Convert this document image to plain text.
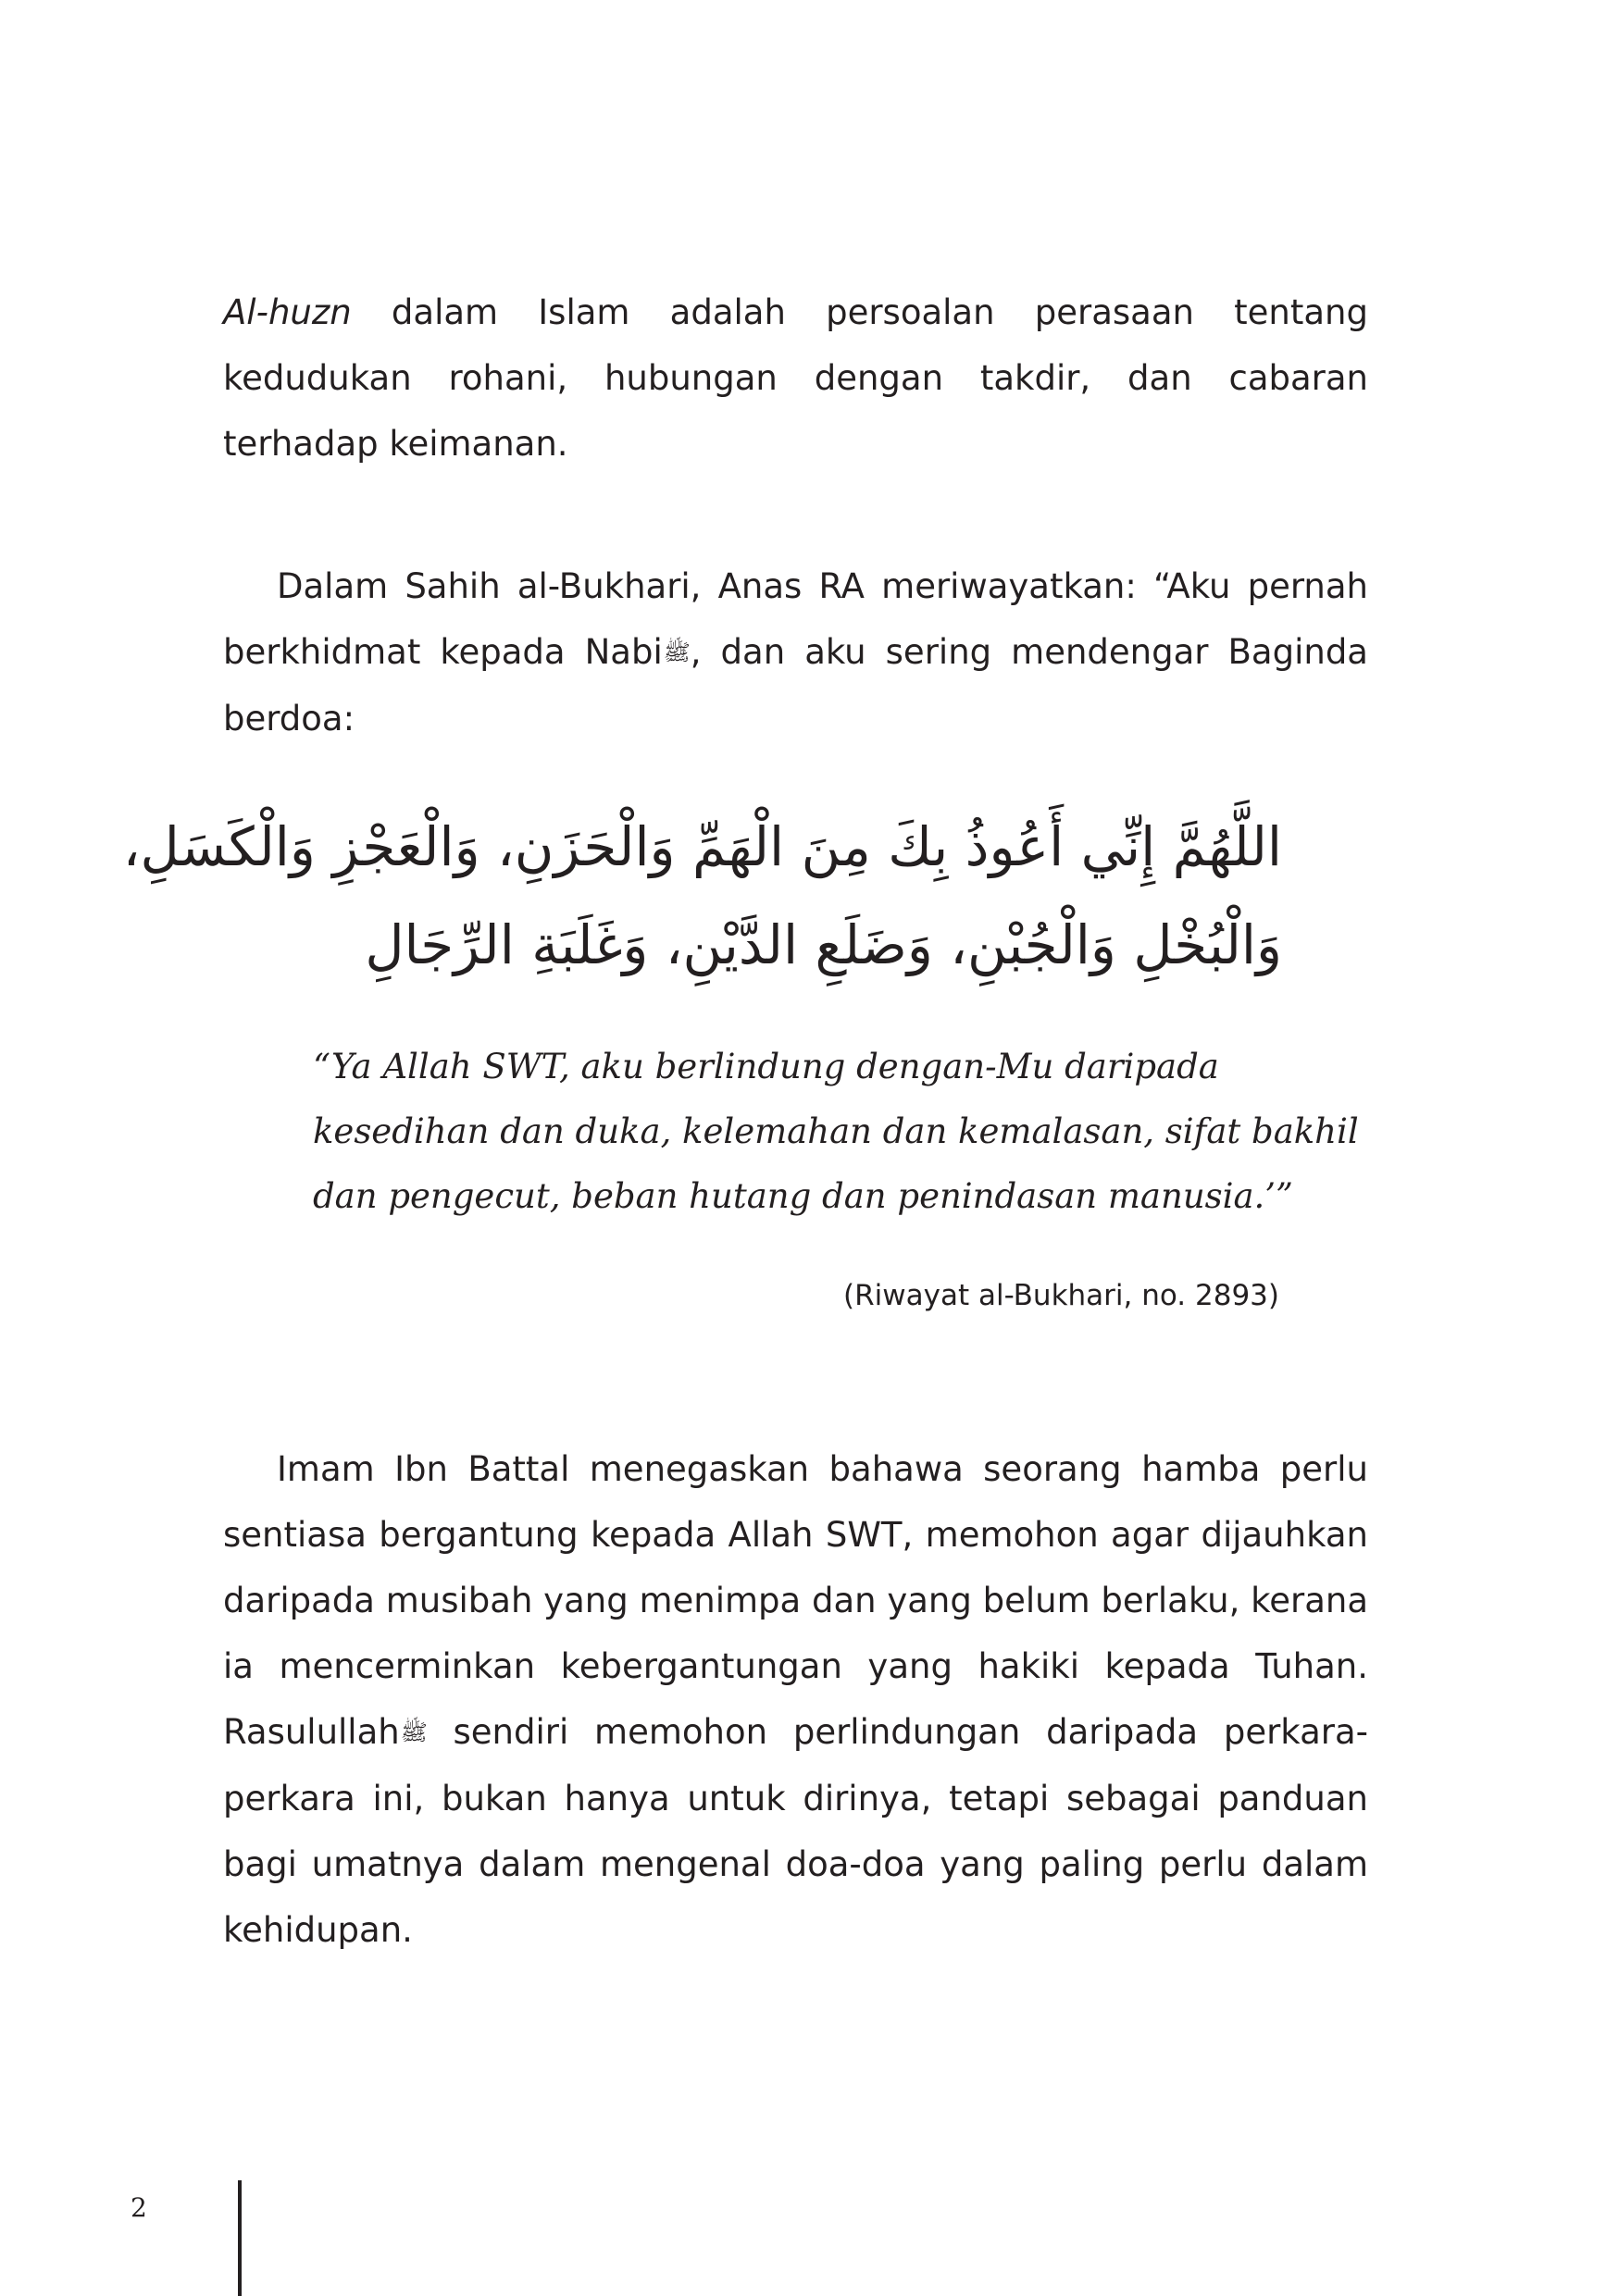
Al-huzn dalam Islam adalah persoalan perasaan tentang kedudukan rohani, hubungan dengan takdir, dan cabaran terhadap keimanan.

Dalam Sahih al-Bukhari, Anas RA meriwayatkan: “Aku pernah berkhidmat kepada Nabiﷺ, dan aku sering mendengar Baginda berdoa:

اللَّهُمَّ إِنِّي أَعُوذُ بِكَ مِنَ الْهَمِّ وَالْحَزَنِ، وَالْعَجْزِ وَالْكَسَلِ،
وَالْبُخْلِ وَالْجُبْنِ، وَضَلَعِ الدَّيْنِ، وَغَلَبَةِ الرِّجَالِ
“Ya Allah SWT, aku berlindung dengan-Mu daripada
kesedihan dan duka, kelemahan dan kemalasan, sifat bakhil
dan pengecut, beban hutang dan penindasan manusia.’”

(Riwayat al-Bukhari, no. 2893)

Imam Ibn Battal menegaskan bahawa seorang hamba perlu sentiasa bergantung kepada Allah SWT, memohon agar dijauhkan daripada musibah yang menimpa dan yang belum berlaku, kerana ia mencerminkan kebergantungan yang hakiki kepada Tuhan. Rasulullahﷺ sendiri memohon perlindungan daripada perkara-perkara ini, bukan hanya untuk dirinya, tetapi sebagai panduan bagi umatnya dalam mengenal doa-doa yang paling perlu dalam kehidupan.

2
